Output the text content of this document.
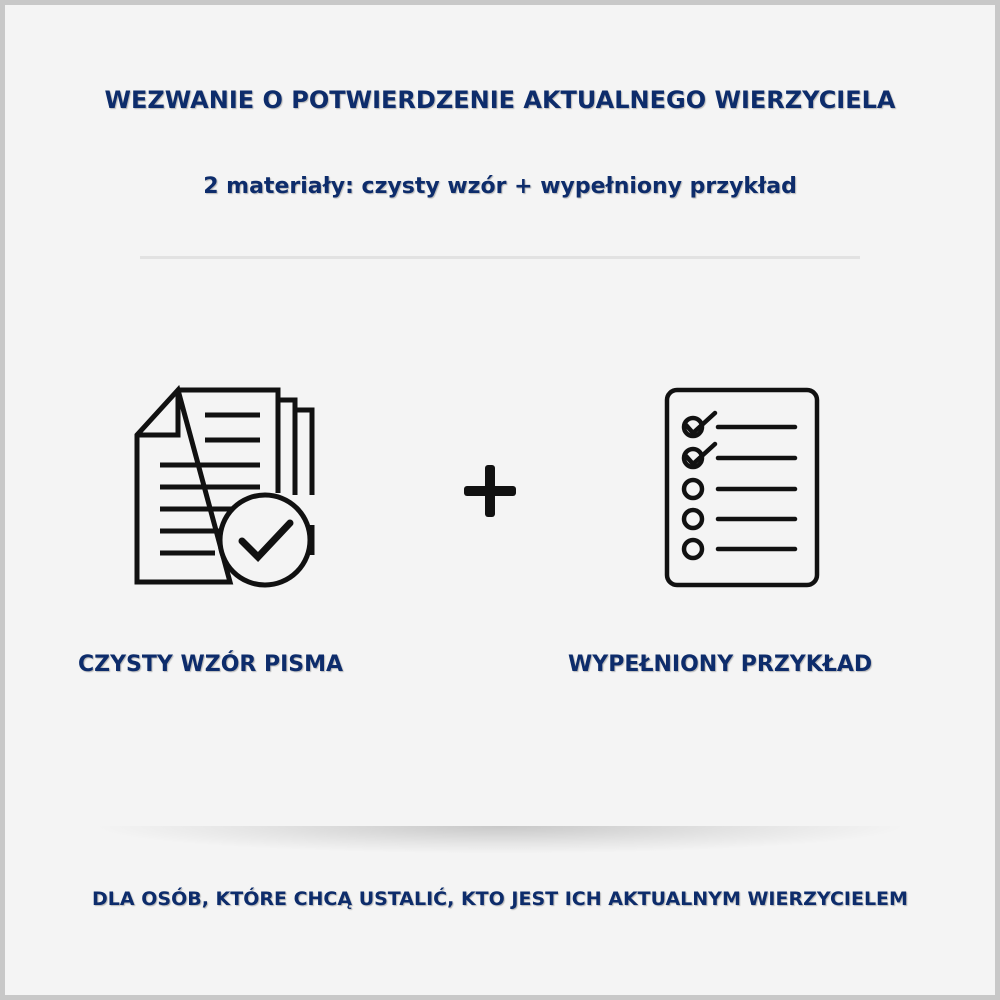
WEZWANIE O POTWIERDZENIE AKTUALNEGO WIERZYCIELA
2 materiały: czysty wzór + wypełniony przykład
CZYSTY WZÓR PISMA	WYPEŁNIONY PRZYKŁAD
DLA OSÓB, KTÓRE CHCĄ USTALIĆ, KTO JEST ICH AKTUALNYM WIERZYCIELEM
